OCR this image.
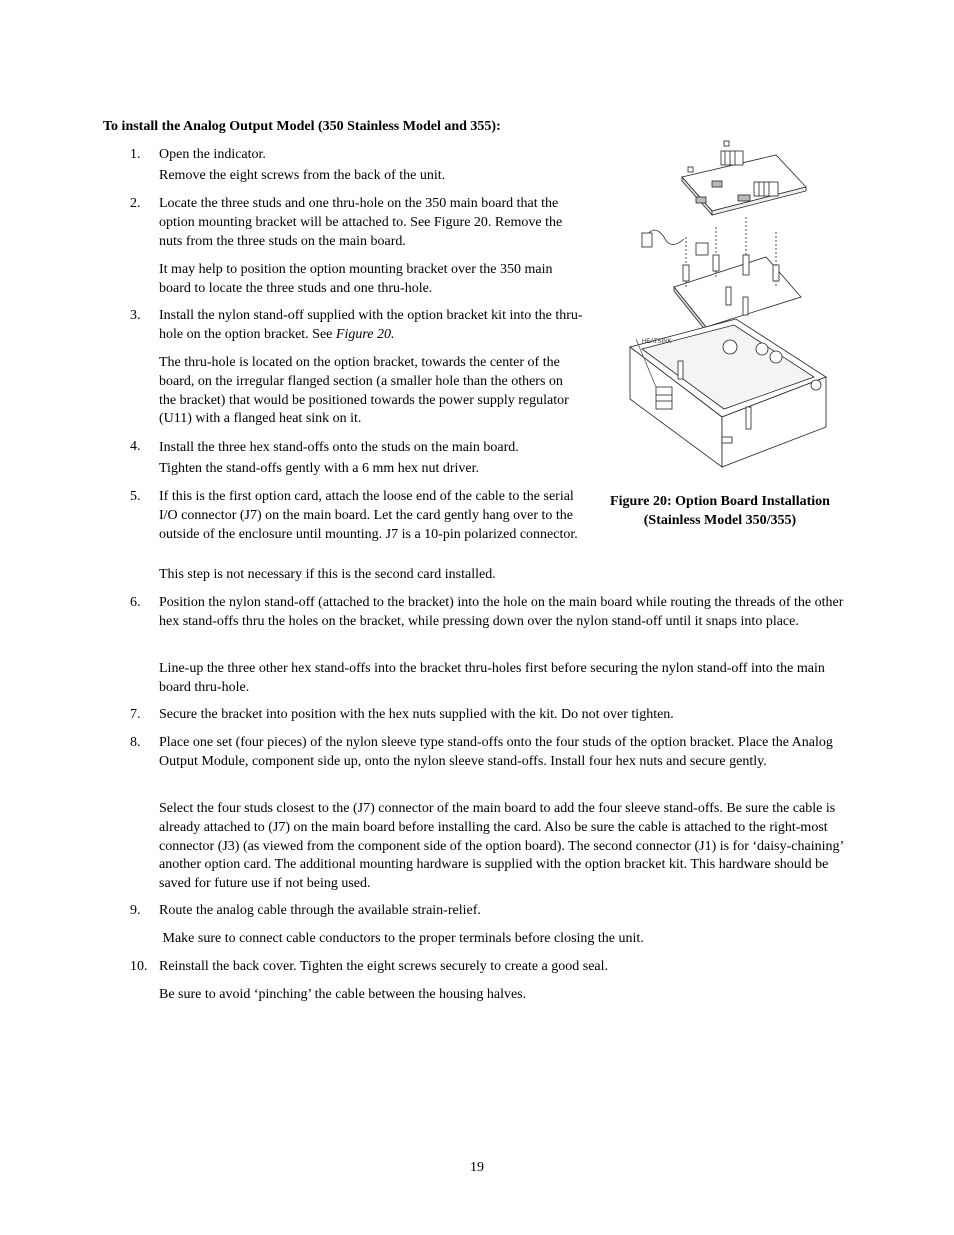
To install the Analog Output Model (350 Stainless Model and 355):
1. Open the indicator.
Remove the eight screws from the back of the unit.
2. Locate the three studs and one thru-hole on the 350 main board that the option mounting bracket will be attached to. See Figure 20. Remove the nuts from the three studs on the main board.
It may help to position the option mounting bracket over the 350 main board to locate the three studs and one thru-hole.
3. Install the nylon stand-off supplied with the option bracket kit into the thru-hole on the option bracket. See Figure 20.
The thru-hole is located on the option bracket, towards the center of the board, on the irregular flanged section (a smaller hole than the others on the bracket) that would be positioned towards the power supply regulator (U11) with a flanged heat sink on it.
4. Install the three hex stand-offs onto the studs on the main board.
Tighten the stand-offs gently with a 6 mm hex nut driver.
5. If this is the first option card, attach the loose end of the cable to the serial I/O connector (J7) on the main board. Let the card gently hang over to the outside of the enclosure until mounting. J7 is a 10-pin polarized connector.
This step is not necessary if this is the second card installed.
6. Position the nylon stand-off (attached to the bracket) into the hole on the main board while routing the threads of the other hex stand-offs thru the holes on the bracket, while pressing down over the nylon stand-off until it snaps into place.
Line-up the three other hex stand-offs into the bracket thru-holes first before securing the nylon stand-off into the main board thru-hole.
7. Secure the bracket into position with the hex nuts supplied with the kit. Do not over tighten.
8. Place one set (four pieces) of the nylon sleeve type stand-offs onto the four studs of the option bracket. Place the Analog Output Module, component side up, onto the nylon sleeve stand-offs. Install four hex nuts and secure gently.
Select the four studs closest to the (J7) connector of the main board to add the four sleeve stand-offs. Be sure the cable is already attached to (J7) on the main board before installing the card. Also be sure the cable is attached to the right-most connector (J3) (as viewed from the component side of the option board). The second connector (J1) is for ‘daisy-chaining’ another option card. The additional mounting hardware is supplied with the option bracket kit. This hardware should be saved for future use if not being used.
9. Route the analog cable through the available strain-relief.
Make sure to connect cable conductors to the proper terminals before closing the unit.
10. Reinstall the back cover. Tighten the eight screws securely to create a good seal.
Be sure to avoid ‘pinching’ the cable between the housing halves.
HEATSINK
Figure 20: Option Board Installation
(Stainless Model 350/355)
19
